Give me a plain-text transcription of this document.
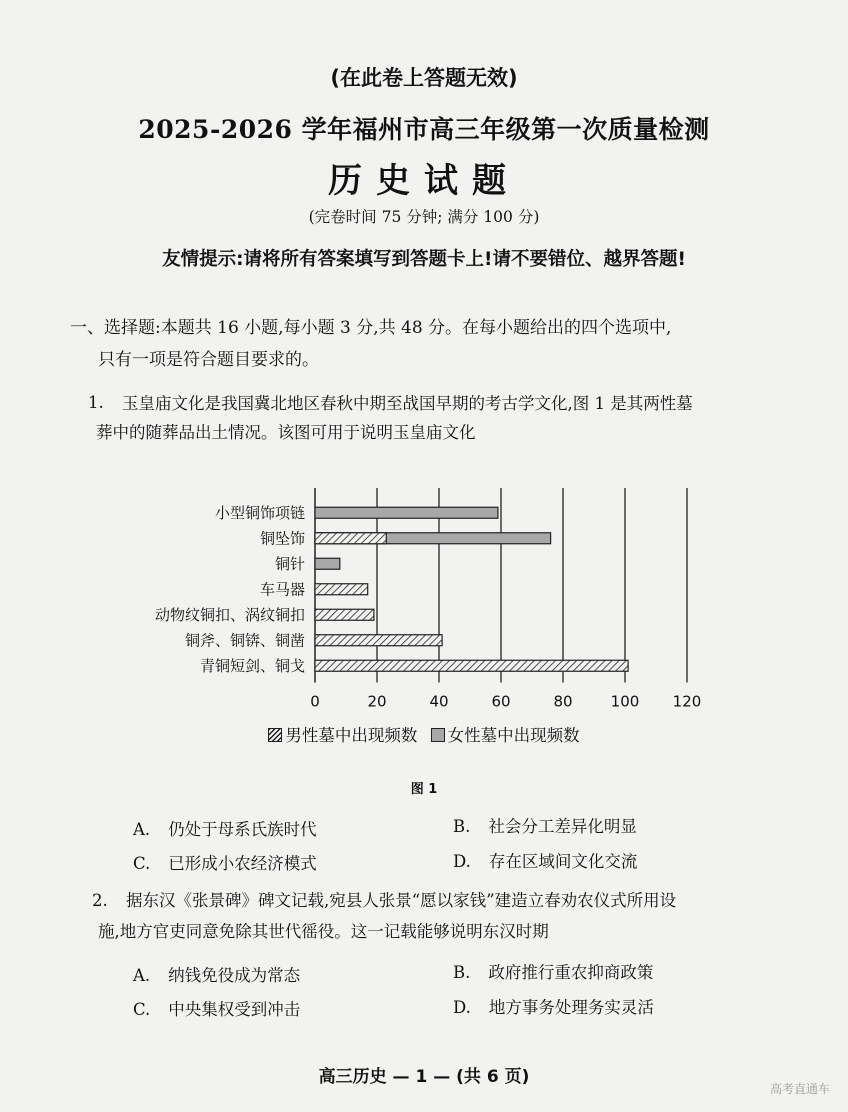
(在此卷上答题无效)
2025-2026 学年福州市高三年级第一次质量检测
历史试题
(完卷时间 75 分钟; 满分 100 分)
友情提示:请将所有答案填写到答题卡上!请不要错位、越界答题!
一、选择题:本题共 16 小题,每小题 3 分,共 48 分。在每小题给出的四个选项中,
只有一项是符合题目要求的。
1. 玉皇庙文化是我国冀北地区春秋中期至战国早期的考古学文化,图 1 是其两性墓
葬中的随葬品出土情况。该图可用于说明玉皇庙文化
0	20	40	60	80	100 120
小型铜饰项链
铜坠饰
铜针
车马器
动物纹铜扣、涡纹铜扣
铜斧、铜锛、铜凿
青铜短剑、铜戈
男性墓中出现频数 女性墓中出现频数
图 1
A. 仍处于母系氏族时代	B. 社会分工差异化明显
C. 已形成小农经济模式	D. 存在区域间文化交流
2. 据东汉《张景碑》碑文记载,宛县人张景“愿以家钱”建造立春劝农仪式所用设
施,地方官吏同意免除其世代徭役。这一记载能够说明东汉时期
A. 纳钱免役成为常态	B. 政府推行重农抑商政策
C. 中央集权受到冲击	D. 地方事务处理务实灵活
高三历史 — 1 — (共 6 页)
高考直通车
